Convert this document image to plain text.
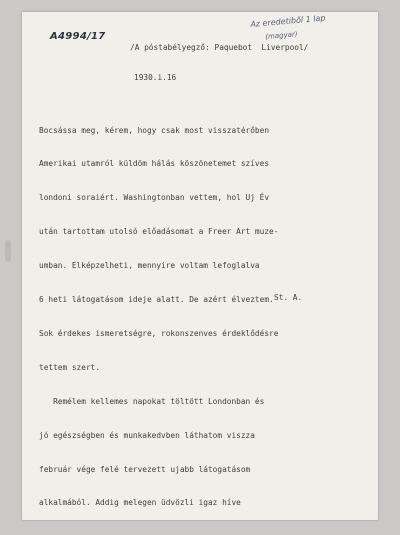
A4994/17
Az eredetiből 1 lap
(magyar)
/A póstabélyegző: Paquebot  Liverpool/
1930.i.16

Bocsássa meg, kérem, hogy csak most visszatérőben

Amerikai utamról küldöm hálás köszönetemet szíves

londoni soraiért. Washingtonban vettem, hol Uj Év

után tartottam utolsó előadásomat a Freer Art muze-

umban. Elképzelheti, mennyire voltam lefoglalva

6 heti látogatásom ideje alatt. De azért élveztem.

Sok érdekes ismeretségre, rokonszenves érdeklődésre

tettem szert.

Remélem kellemes napokat töltött Londonban és

jó egészségben és munkakedvben láthatom viszza

február vége felé tervezett ujabb látogatásom

alkalmából. Addig melegen üdvözli igaz híve

St. A.
